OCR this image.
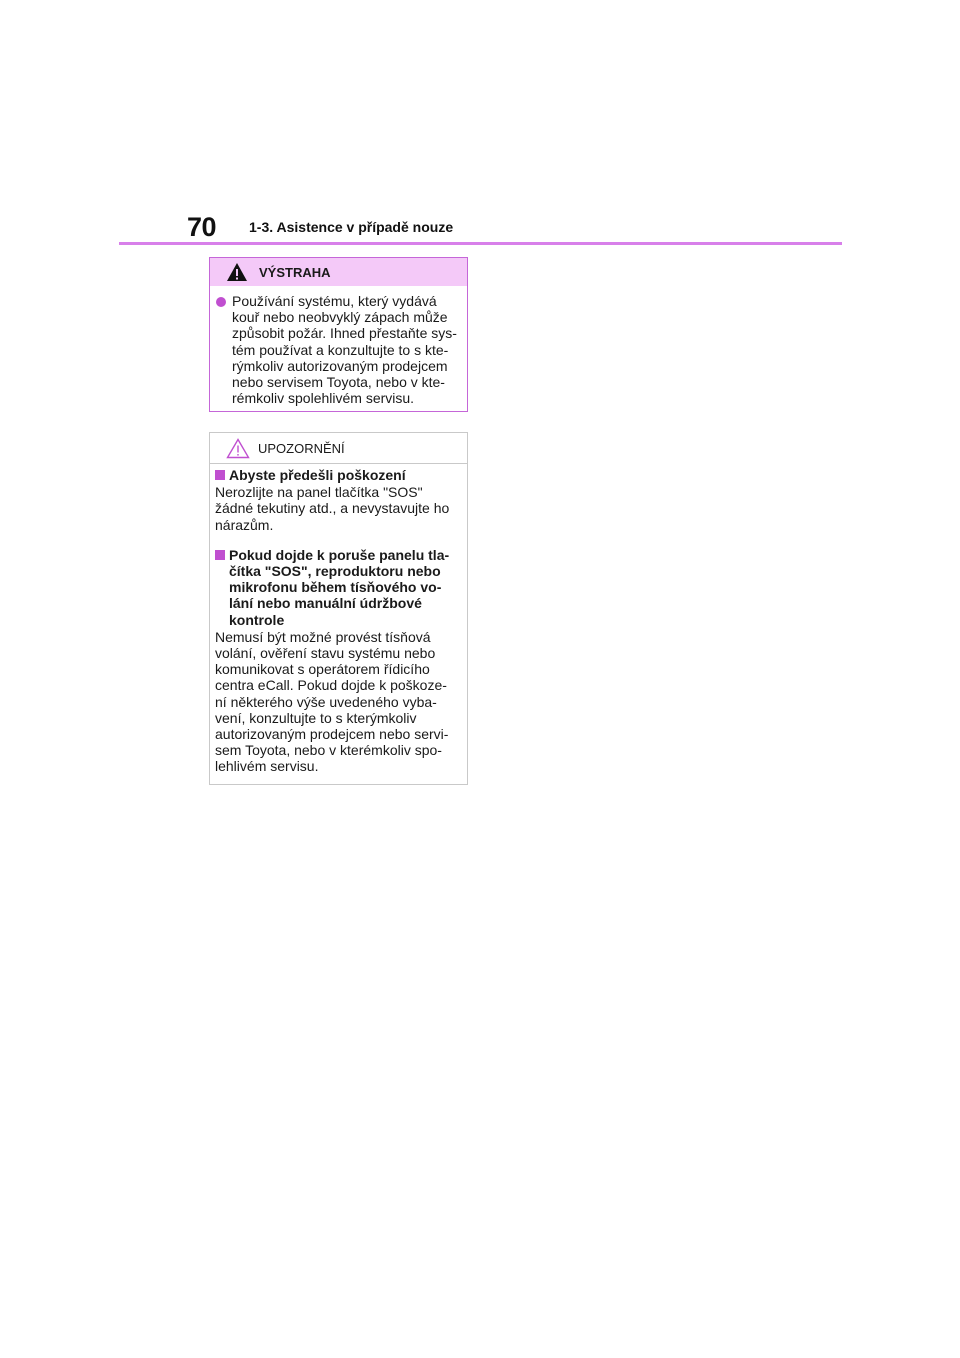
70 1-3. Asistence v případě nouze
VÝSTRAHA
Používání systému, který vydává
kouř nebo neobvyklý zápach může
způsobit požár. Ihned přestaňte sys-
tém používat a konzultujte to s kte-
rýmkoliv autorizovaným prodejcem
nebo servisem Toyota, nebo v kte-
rémkoliv spolehlivém servisu.
UPOZORNĚNÍ
Abyste předešli poškození
Nerozlijte na panel tlačítka "SOS"
žádné tekutiny atd., a nevystavujte ho
nárazům.
Pokud dojde k poruše panelu tla-
čítka "SOS", reproduktoru nebo
mikrofonu během tísňového vo-
lání nebo manuální údržbové
kontrole
Nemusí být možné provést tísňová
volání, ověření stavu systému nebo
komunikovat s operátorem řídicího
centra eCall. Pokud dojde k poškoze-
ní některého výše uvedeného vyba-
vení, konzultujte to s kterýmkoliv
autorizovaným prodejcem nebo servi-
sem Toyota, nebo v kterémkoliv spo-
lehlivém servisu.
